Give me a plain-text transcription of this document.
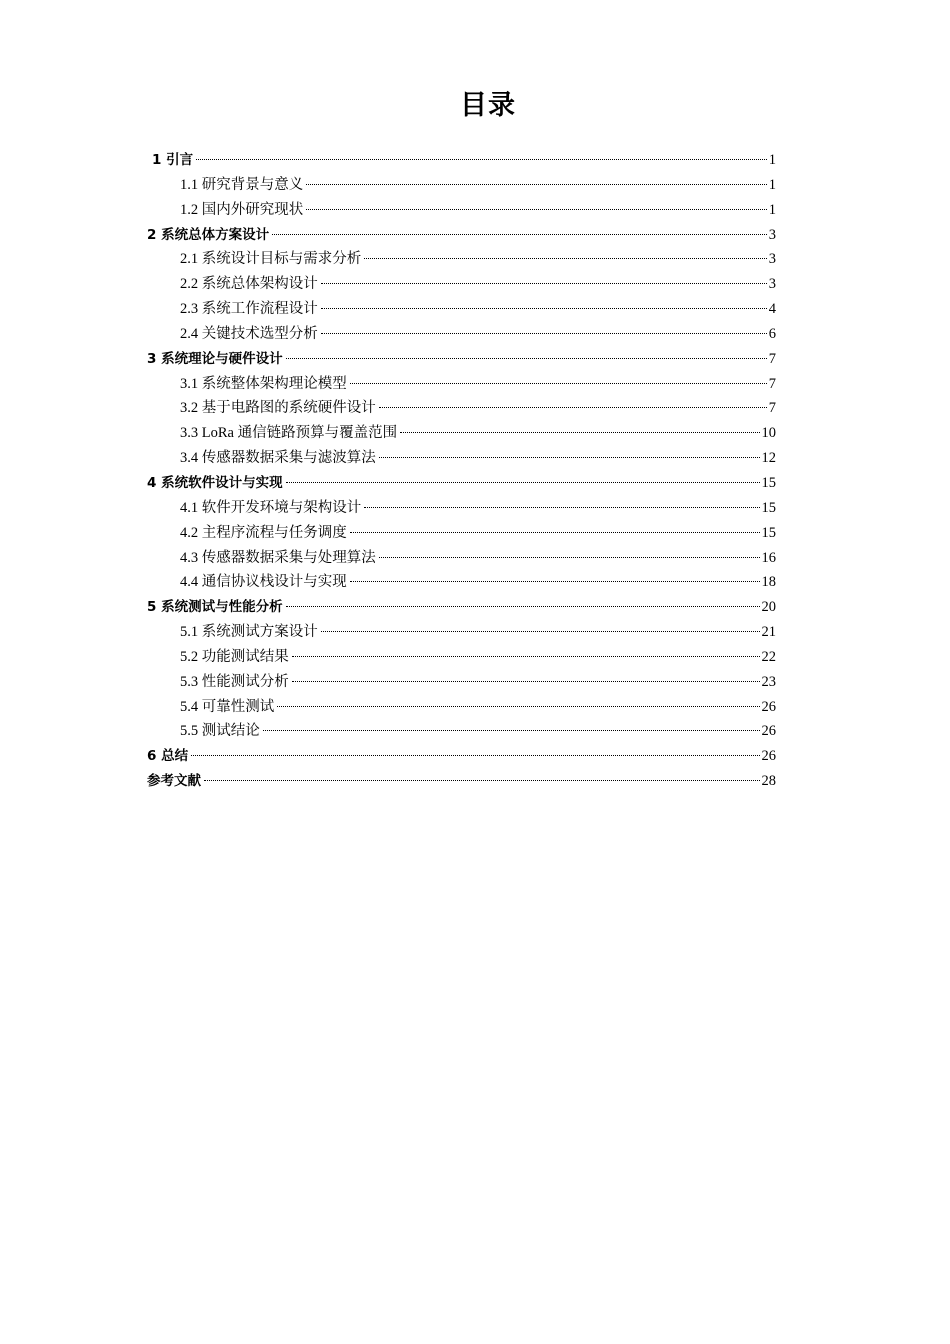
目录
1 引言	1
1.1 研究背景与意义	1
1.2 国内外研究现状	1
2 系统总体方案设计	3
2.1 系统设计目标与需求分析	3
2.2 系统总体架构设计	3
2.3 系统工作流程设计	4
2.4 关键技术选型分析	6
3 系统理论与硬件设计	7
3.1 系统整体架构理论模型	7
3.2 基于电路图的系统硬件设计	7
3.3 LoRa 通信链路预算与覆盖范围	10
3.4 传感器数据采集与滤波算法	12
4 系统软件设计与实现	15
4.1 软件开发环境与架构设计	15
4.2 主程序流程与任务调度	15
4.3 传感器数据采集与处理算法	16
4.4 通信协议栈设计与实现	18
5 系统测试与性能分析	20
5.1 系统测试方案设计	21
5.2 功能测试结果	22
5.3 性能测试分析	23
5.4 可靠性测试	26
5.5 测试结论	26
6 总结	26
参考文献	28
